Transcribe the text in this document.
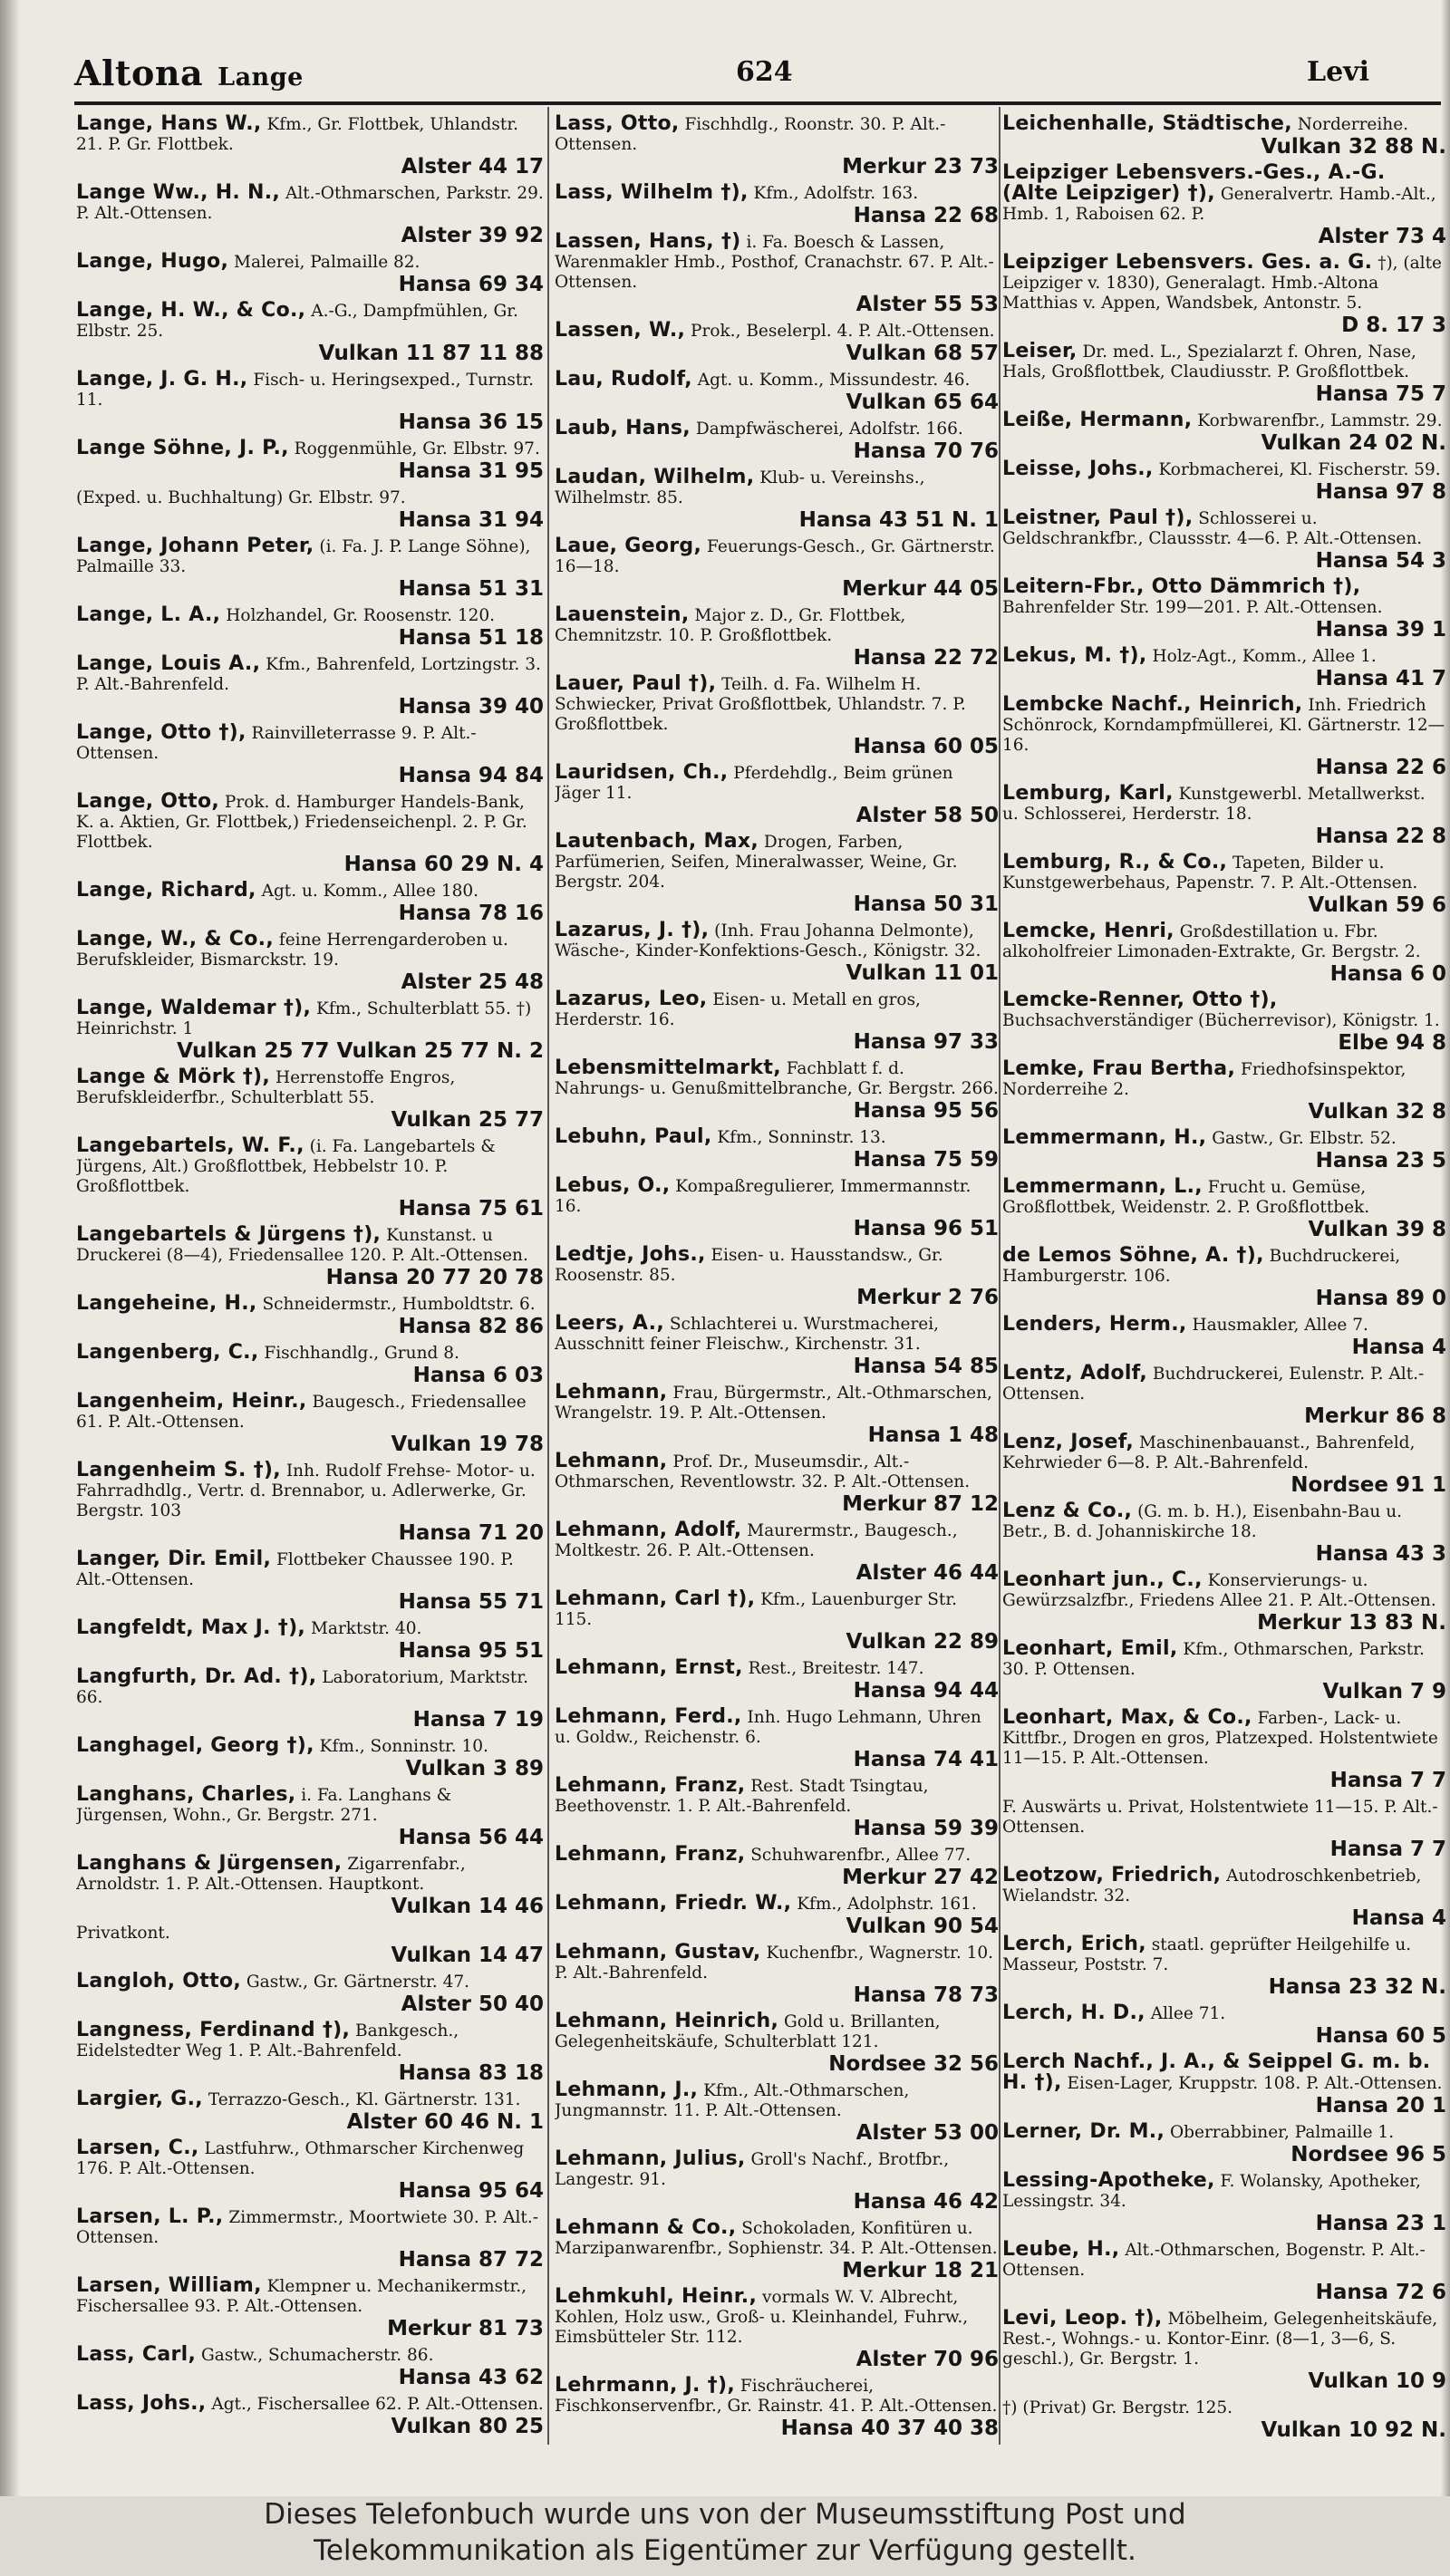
Altona Lange	624	Levi
Lange, Hans W., Kfm., Gr. Flottbek, Uhlandstr. 21. P. Gr. Flottbek.
Alster 44 17
Lange Ww., H. N., Alt.-Othmarschen, Parkstr. 29. P. Alt.-Ottensen.
Alster 39 92
Lange, Hugo, Malerei, Palmaille 82.
Hansa 69 34
Lange, H. W., & Co., A.-G., Dampfmühlen, Gr. Elbstr. 25.
Vulkan 11 87 11 88
Lange, J. G. H., Fisch- u. Heringsexped., Turnstr. 11.
Hansa 36 15
Lange Söhne, J. P., Roggenmühle, Gr. Elbstr. 97.
Hansa 31 95
(Exped. u. Buchhaltung) Gr. Elbstr. 97.
Hansa 31 94
Lange, Johann Peter, (i. Fa. J. P. Lange Söhne), Palmaille 33.
Hansa 51 31
Lange, L. A., Holzhandel, Gr. Roosenstr. 120.
Hansa 51 18
Lange, Louis A., Kfm., Bahrenfeld, Lortzingstr. 3. P. Alt.-Bahrenfeld.
Hansa 39 40
Lange, Otto †), Rainvilleterrasse 9. P. Alt.-Ottensen.
Hansa 94 84
Lange, Otto, Prok. d. Hamburger Handels-Bank, K. a. Aktien, Gr. Flottbek,) Friedenseichenpl. 2. P. Gr. Flottbek.
Hansa 60 29 N. 4
Lange, Richard, Agt. u. Komm., Allee 180.
Hansa 78 16
Lange, W., & Co., feine Herrengarderoben u. Berufskleider, Bismarckstr. 19.
Alster 25 48
Lange, Waldemar †), Kfm., Schulterblatt 55. †) Heinrichstr. 1
Vulkan 25 77 Vulkan 25 77 N. 2
Lange & Mörk †), Herrenstoffe Engros, Berufskleiderfbr., Schulterblatt 55.
Vulkan 25 77
Langebartels, W. F., (i. Fa. Langebartels & Jürgens, Alt.) Großflottbek, Hebbelstr 10. P. Großflottbek.
Hansa 75 61
Langebartels & Jürgens †), Kunstanst. u Druckerei (8—4), Friedensallee 120. P. Alt.-Ottensen.
Hansa 20 77 20 78
Langeheine, H., Schneidermstr., Humboldtstr. 6.
Hansa 82 86
Langenberg, C., Fischhandlg., Grund 8.
Hansa 6 03
Langenheim, Heinr., Baugesch., Friedensallee 61. P. Alt.-Ottensen.
Vulkan 19 78
Langenheim S. †), Inh. Rudolf Frehse- Motor- u. Fahrradhdlg., Vertr. d. Brennabor, u. Adlerwerke, Gr. Bergstr. 103
Hansa 71 20
Langer, Dir. Emil, Flottbeker Chaussee 190. P. Alt.-Ottensen.
Hansa 55 71
Langfeldt, Max J. †), Marktstr. 40.
Hansa 95 51
Langfurth, Dr. Ad. †), Laboratorium, Marktstr. 66.
Hansa 7 19
Langhagel, Georg †), Kfm., Sonninstr. 10.
Vulkan 3 89
Langhans, Charles, i. Fa. Langhans & Jürgensen, Wohn., Gr. Bergstr. 271.
Hansa 56 44
Langhans & Jürgensen, Zigarrenfabr., Arnoldstr. 1. P. Alt.-Ottensen. Hauptkont.
Vulkan 14 46
Privatkont.
Vulkan 14 47
Langloh, Otto, Gastw., Gr. Gärtnerstr. 47.
Alster 50 40
Langness, Ferdinand †), Bankgesch., Eidelstedter Weg 1. P. Alt.-Bahrenfeld.
Hansa 83 18
Largier, G., Terrazzo-Gesch., Kl. Gärtnerstr. 131.
Alster 60 46 N. 1
Larsen, C., Lastfuhrw., Othmarscher Kirchenweg 176. P. Alt.-Ottensen.
Hansa 95 64
Larsen, L. P., Zimmermstr., Moortwiete 30. P. Alt.-Ottensen.
Hansa 87 72
Larsen, William, Klempner u. Mechanikermstr., Fischersallee 93. P. Alt.-Ottensen.
Merkur 81 73
Lass, Carl, Gastw., Schumacherstr. 86.
Hansa 43 62
Lass, Johs., Agt., Fischersallee 62. P. Alt.-Ottensen.
Vulkan 80 25
Lass, Otto, Fischhdlg., Roonstr. 30. P. Alt.-Ottensen.
Merkur 23 73
Lass, Wilhelm †), Kfm., Adolfstr. 163.
Hansa 22 68
Lassen, Hans, †) i. Fa. Boesch & Lassen, Warenmakler Hmb., Posthof, Cranachstr. 67. P. Alt.-Ottensen.
Alster 55 53
Lassen, W., Prok., Beselerpl. 4. P. Alt.-Ottensen.
Vulkan 68 57
Lau, Rudolf, Agt. u. Komm., Missundestr. 46.
Vulkan 65 64
Laub, Hans, Dampfwäscherei, Adolfstr. 166.
Hansa 70 76
Laudan, Wilhelm, Klub- u. Vereinshs., Wilhelmstr. 85.
Hansa 43 51 N. 1
Laue, Georg, Feuerungs-Gesch., Gr. Gärtnerstr. 16—18.
Merkur 44 05
Lauenstein, Major z. D., Gr. Flottbek, Chemnitzstr. 10. P. Großflottbek.
Hansa 22 72
Lauer, Paul †), Teilh. d. Fa. Wilhelm H. Schwiecker, Privat Großflottbek, Uhlandstr. 7. P. Großflottbek.
Hansa 60 05
Lauridsen, Ch., Pferdehdlg., Beim grünen Jäger 11.
Alster 58 50
Lautenbach, Max, Drogen, Farben, Parfümerien, Seifen, Mineralwasser, Weine, Gr. Bergstr. 204.
Hansa 50 31
Lazarus, J. †), (Inh. Frau Johanna Delmonte), Wäsche-, Kinder-Konfektions-Gesch., Königstr. 32.
Vulkan 11 01
Lazarus, Leo, Eisen- u. Metall en gros, Herderstr. 16.
Hansa 97 33
Lebensmittelmarkt, Fachblatt f. d. Nahrungs- u. Genußmittelbranche, Gr. Bergstr. 266.
Hansa 95 56
Lebuhn, Paul, Kfm., Sonninstr. 13.
Hansa 75 59
Lebus, O., Kompaßregulierer, Immermannstr. 16.
Hansa 96 51
Ledtje, Johs., Eisen- u. Hausstandsw., Gr. Roosenstr. 85.
Merkur 2 76
Leers, A., Schlachterei u. Wurstmacherei, Ausschnitt feiner Fleischw., Kirchenstr. 31.
Hansa 54 85
Lehmann, Frau, Bürgermstr., Alt.-Othmarschen, Wrangelstr. 19. P. Alt.-Ottensen.
Hansa 1 48
Lehmann, Prof. Dr., Museumsdir., Alt.-Othmarschen, Reventlowstr. 32. P. Alt.-Ottensen.
Merkur 87 12
Lehmann, Adolf, Maurermstr., Baugesch., Moltkestr. 26. P. Alt.-Ottensen.
Alster 46 44
Lehmann, Carl †), Kfm., Lauenburger Str. 115.
Vulkan 22 89
Lehmann, Ernst, Rest., Breitestr. 147.
Hansa 94 44
Lehmann, Ferd., Inh. Hugo Lehmann, Uhren u. Goldw., Reichenstr. 6.
Hansa 74 41
Lehmann, Franz, Rest. Stadt Tsingtau, Beethovenstr. 1. P. Alt.-Bahrenfeld.
Hansa 59 39
Lehmann, Franz, Schuhwarenfbr., Allee 77.
Merkur 27 42
Lehmann, Friedr. W., Kfm., Adolphstr. 161.
Vulkan 90 54
Lehmann, Gustav, Kuchenfbr., Wagnerstr. 10. P. Alt.-Bahrenfeld.
Hansa 78 73
Lehmann, Heinrich, Gold u. Brillanten, Gelegenheitskäufe, Schulterblatt 121.
Nordsee 32 56
Lehmann, J., Kfm., Alt.-Othmarschen, Jungmannstr. 11. P. Alt.-Ottensen.
Alster 53 00
Lehmann, Julius, Groll's Nachf., Brotfbr., Langestr. 91.
Hansa 46 42
Lehmann & Co., Schokoladen, Konfitüren u. Marzipanwarenfbr., Sophienstr. 34. P. Alt.-Ottensen.
Merkur 18 21
Lehmkuhl, Heinr., vormals W. V. Albrecht, Kohlen, Holz usw., Groß- u. Kleinhandel, Fuhrw., Eimsbütteler Str. 112.
Alster 70 96
Lehrmann, J. †), Fischräucherei, Fischkonservenfbr., Gr. Rainstr. 41. P. Alt.-Ottensen.
Hansa 40 37 40 38
Leichenhalle, Städtische, Norderreihe.
Vulkan 32 88 N.
Leipziger Lebensvers.-Ges., A.-G. (Alte Leipziger) †), Generalvertr. Hamb.-Alt., Hmb. 1, Raboisen 62. P.
Alster 73 4
Leipziger Lebensvers. Ges. a. G. †), (alte Leipziger v. 1830), Generalagt. Hmb.-Altona Matthias v. Appen, Wandsbek, Antonstr. 5.
D 8. 17 3
Leiser, Dr. med. L., Spezialarzt f. Ohren, Nase, Hals, Großflottbek, Claudiusstr. P. Großflottbek.
Hansa 75 7
Leiße, Hermann, Korbwarenfbr., Lammstr. 29.
Vulkan 24 02 N.
Leisse, Johs., Korbmacherei, Kl. Fischerstr. 59.
Hansa 97 8
Leistner, Paul †), Schlosserei u. Geldschrankfbr., Claussstr. 4—6. P. Alt.-Ottensen.
Hansa 54 3
Leitern-Fbr., Otto Dämmrich †), Bahrenfelder Str. 199—201. P. Alt.-Ottensen.
Hansa 39 1
Lekus, M. †), Holz-Agt., Komm., Allee 1.
Hansa 41 7
Lembcke Nachf., Heinrich, Inh. Friedrich Schönrock, Korndampfmüllerei, Kl. Gärtnerstr. 12—16.
Hansa 22 6
Lemburg, Karl, Kunstgewerbl. Metallwerkst. u. Schlosserei, Herderstr. 18.
Hansa 22 8
Lemburg, R., & Co., Tapeten, Bilder u. Kunstgewerbehaus, Papenstr. 7. P. Alt.-Ottensen.
Vulkan 59 6
Lemcke, Henri, Großdestillation u. Fbr. alkoholfreier Limonaden-Extrakte, Gr. Bergstr. 2.
Hansa 6 0
Lemcke-Renner, Otto †), Buchsachverständiger (Bücherrevisor), Königstr. 1.
Elbe 94 8
Lemke, Frau Bertha, Friedhofsinspektor, Norderreihe 2.
Vulkan 32 8
Lemmermann, H., Gastw., Gr. Elbstr. 52.
Hansa 23 5
Lemmermann, L., Frucht u. Gemüse, Großflottbek, Weidenstr. 2. P. Großflottbek.
Vulkan 39 8
de Lemos Söhne, A. †), Buchdruckerei, Hamburgerstr. 106.
Hansa 89 0
Lenders, Herm., Hausmakler, Allee 7.
Hansa 4
Lentz, Adolf, Buchdruckerei, Eulenstr. P. Alt.-Ottensen.
Merkur 86 8
Lenz, Josef, Maschinenbauanst., Bahrenfeld, Kehrwieder 6—8. P. Alt.-Bahrenfeld.
Nordsee 91 1
Lenz & Co., (G. m. b. H.), Eisenbahn-Bau u. Betr., B. d. Johanniskirche 18.
Hansa 43 3
Leonhart jun., C., Konservierungs- u. Gewürzsalzfbr., Friedens Allee 21. P. Alt.-Ottensen.
Merkur 13 83 N.
Leonhart, Emil, Kfm., Othmarschen, Parkstr. 30. P. Ottensen.
Vulkan 7 9
Leonhart, Max, & Co., Farben-, Lack- u. Kittfbr., Drogen en gros, Platzexped. Holstentwiete 11—15. P. Alt.-Ottensen.
Hansa 7 7
F. Auswärts u. Privat, Holstentwiete 11—15. P. Alt.-Ottensen.
Hansa 7 7
Leotzow, Friedrich, Autodroschkenbetrieb, Wielandstr. 32.
Hansa 4
Lerch, Erich, staatl. geprüfter Heilgehilfe u. Masseur, Poststr. 7.
Hansa 23 32 N.
Lerch, H. D., Allee 71.
Hansa 60 5
Lerch Nachf., J. A., & Seippel G. m. b. H. †), Eisen-Lager, Kruppstr. 108. P. Alt.-Ottensen.
Hansa 20 1
Lerner, Dr. M., Oberrabbiner, Palmaille 1.
Nordsee 96 5
Lessing-Apotheke, F. Wolansky, Apotheker, Lessingstr. 34.
Hansa 23 1
Leube, H., Alt.-Othmarschen, Bogenstr. P. Alt.-Ottensen.
Hansa 72 6
Levi, Leop. †), Möbelheim, Gelegenheitskäufe, Rest.-, Wohngs.- u. Kontor-Einr. (8—1, 3—6, S. geschl.), Gr. Bergstr. 1.
Vulkan 10 9
†) (Privat) Gr. Bergstr. 125.
Vulkan 10 92 N.
Dieses Telefonbuch wurde uns von der Museumsstiftung Post und
Telekommunikation als Eigentümer zur Verfügung gestellt.
